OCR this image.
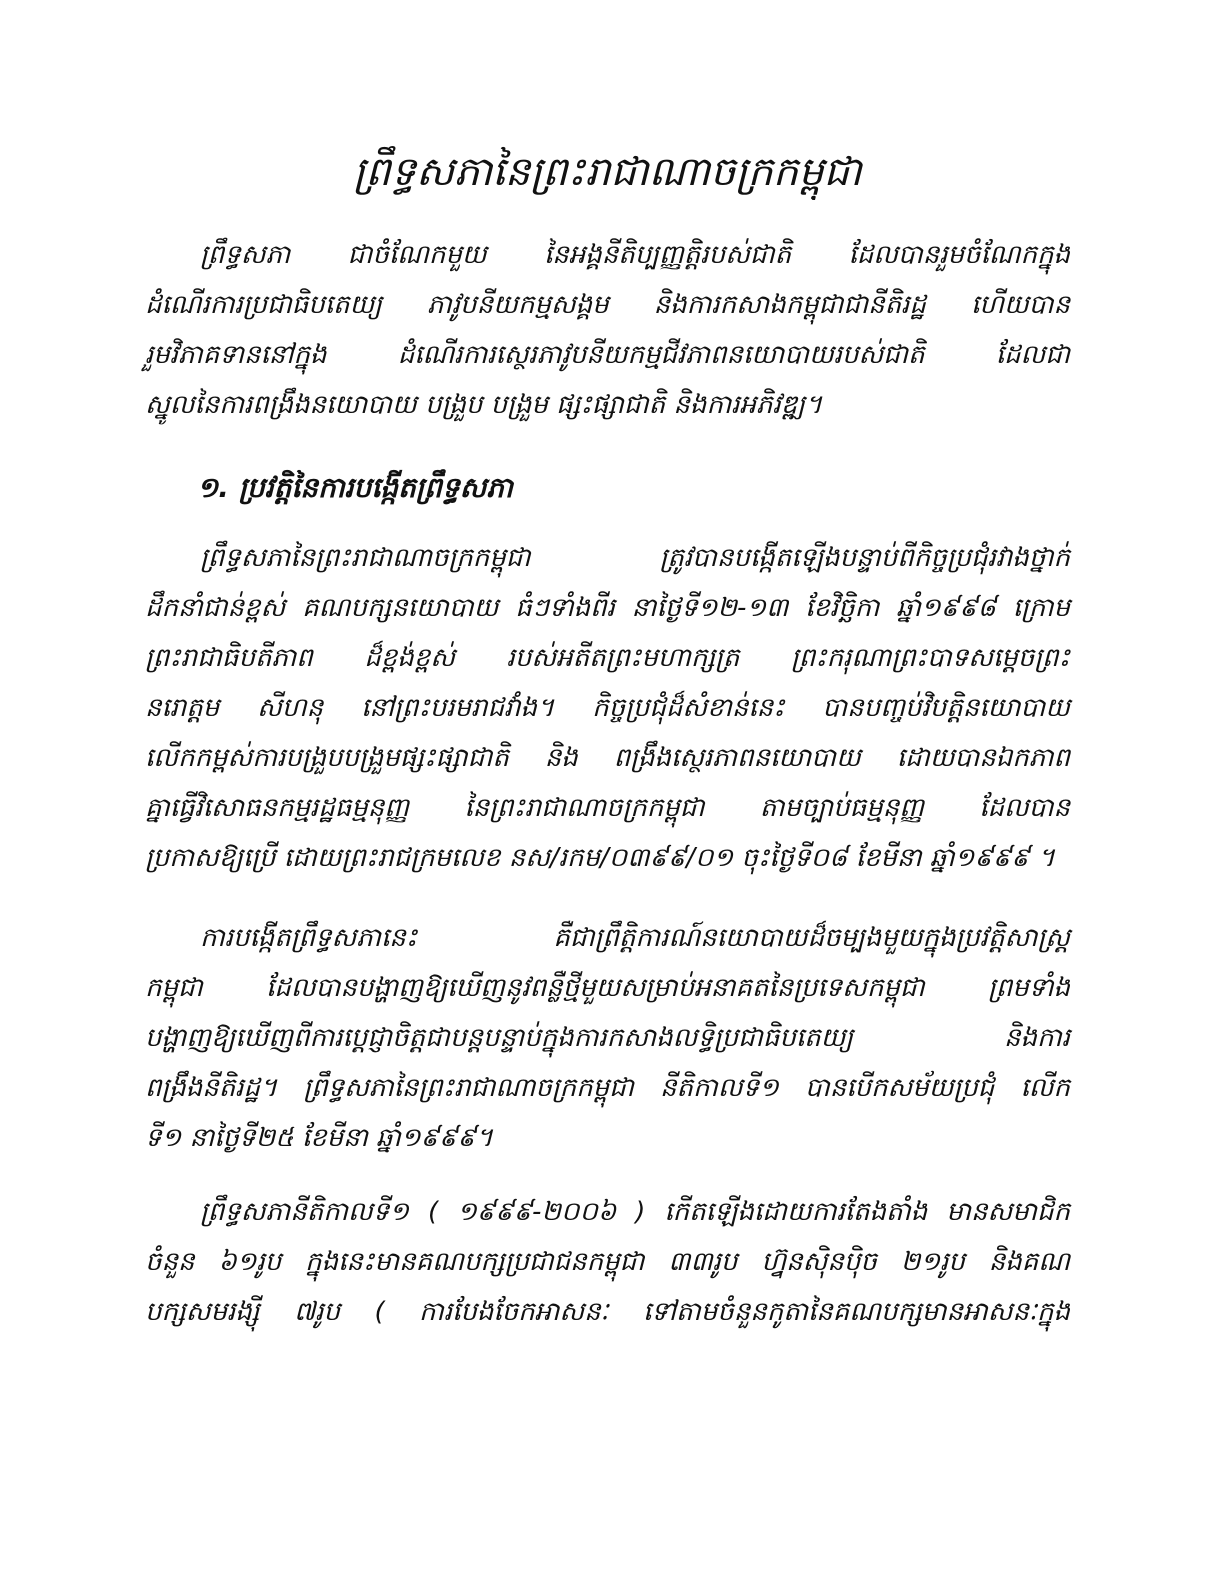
ព្រឹទ្ធសភានៃព្រះរាជាណាចក្រកម្ពុជា
ព្រឹទ្ធសភា ជាចំណែកមួយ នៃអង្គនីតិប្បញ្ញត្តិរបស់ជាតិ ដែលបានរួមចំណែកក្នុង
ដំណើរការប្រជាធិបតេយ្យ ភាវូបនីយកម្មសង្គម និងការកសាងកម្ពុជាជានីតិរដ្ឋ ហើយបាន
រួមវិភាគទាននៅក្នុង ដំណើរការស្ថេរភាវូបនីយកម្មជីវភាពនយោបាយរបស់ជាតិ ដែលជា
ស្នូលនៃការពង្រឹងនយោបាយ បង្រួប បង្រួម ផ្សះផ្សាជាតិ និងការអភិវឌ្ឍ។
១. ប្រវត្តិនៃការបង្កើតព្រឹទ្ធសភា
ព្រឹទ្ធសភានៃព្រះរាជាណាចក្រកម្ពុជា ត្រូវបានបង្កើតឡើងបន្ទាប់ពីកិច្ចប្រជុំរវាងថ្នាក់
ដឹកនាំជាន់ខ្ពស់ គណបក្សនយោបាយ ធំៗទាំងពីរ នាថ្ងៃទី១២-១៣ ខែវិច្ឆិកា ឆ្នាំ១៩៩៨ ក្រោម
ព្រះរាជាធិបតីភាព ដ៏ខ្ពង់ខ្ពស់ របស់អតីតព្រះមហាក្សត្រ ព្រះករុណាព្រះបាទសម្តេចព្រះ
នរោត្តម សីហនុ នៅព្រះបរមរាជវាំង។ កិច្ចប្រជុំដ៏សំខាន់នេះ បានបញ្ចប់វិបត្តិនយោបាយ
លើកកម្ពស់ការបង្រួបបង្រួមផ្សះផ្សាជាតិ និង ពង្រឹងស្ថេរភាពនយោបាយ ដោយបានឯកភាព
គ្នាធ្វើវិសោធនកម្មរដ្ឋធម្មនុញ្ញ នៃព្រះរាជាណាចក្រកម្ពុជា តាមច្បាប់ធម្មនុញ្ញ ដែលបាន
ប្រកាសឱ្យប្រើ ដោយព្រះរាជក្រមលេខ នស/រកម/០៣៩៩/០១ ចុះថ្ងៃទី០៨ ខែមីនា ឆ្នាំ១៩៩៩ ។
ការបង្កើតព្រឹទ្ធសភានេះ គឺជាព្រឹត្តិការណ៍នយោបាយដ៏ចម្បងមួយក្នុងប្រវត្តិសាស្ត្រ
កម្ពុជា ដែលបានបង្ហាញឱ្យឃើញនូវពន្លឺថ្មីមួយសម្រាប់អនាគតនៃប្រទេសកម្ពុជា ព្រមទាំង
បង្ហាញឱ្យឃើញពីការប្តេជ្ញាចិត្តជាបន្តបន្ទាប់ក្នុងការកសាងលទ្ធិប្រជាធិបតេយ្យ និងការ
ពង្រឹងនីតិរដ្ឋ។ ព្រឹទ្ធសភានៃព្រះរាជាណាចក្រកម្ពុជា នីតិកាលទី១ បានបើកសម័យប្រជុំ លើក
ទី១ នាថ្ងៃទី២៥ ខែមីនា ឆ្នាំ១៩៩៩។
ព្រឹទ្ធសភានីតិកាលទី១ ( ១៩៩៩-២០០៦ ) កើតឡើងដោយការតែងតាំង មានសមាជិក
ចំនួន ៦១រូប ក្នុងនេះមានគណបក្សប្រជាជនកម្ពុជា ៣៣រូប ហ្វ៊ុនស៊ិនប៉ិច ២១រូប និងគណ
បក្សសមរង្ស៊ី ៧រូប ( ការបែងចែកអាសនៈ ទៅតាមចំនួនកូតានៃគណបក្សមានអាសនៈក្នុង
